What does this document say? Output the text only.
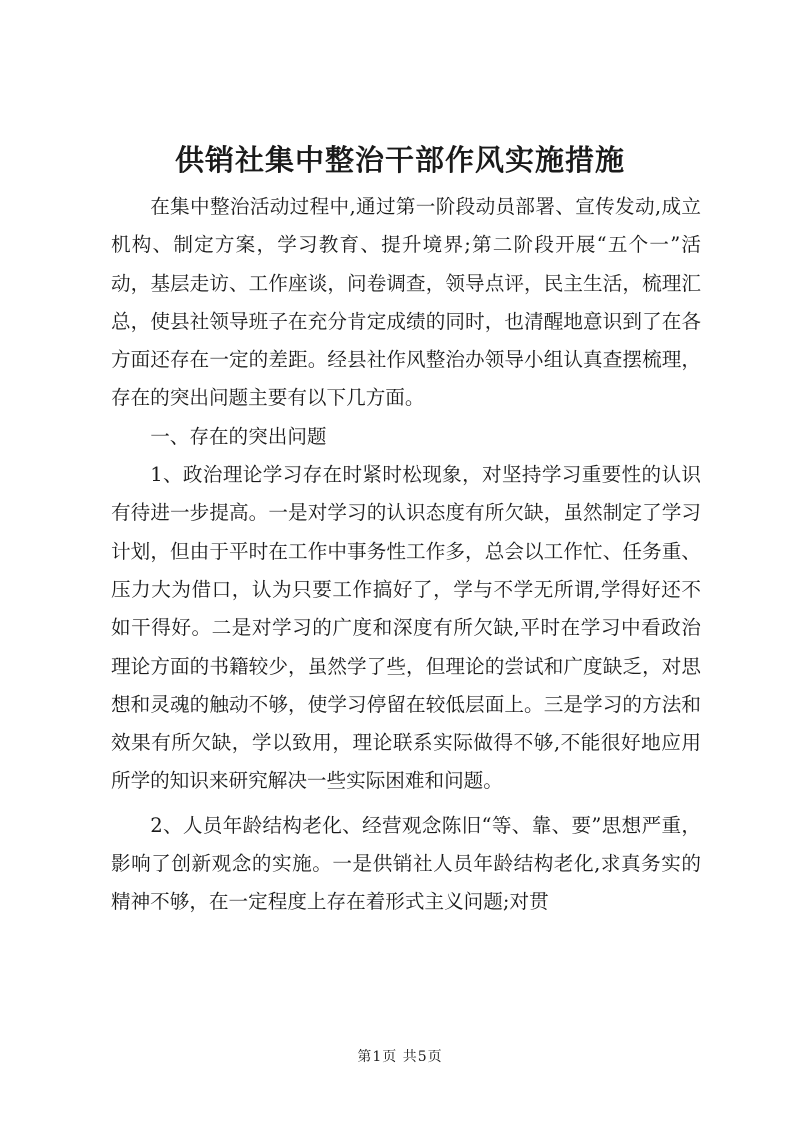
供销社集中整治干部作风实施措施

在集中整治活动过程中,通过第一阶段动员部署、宣传发动,成立机构、制定方案，学习教育、提升境界;第二阶段开展“五个一”活动，基层走访、工作座谈，问卷调查，领导点评，民主生活，梳理汇总，使县社领导班子在充分肯定成绩的同时，也清醒地意识到了在各方面还存在一定的差距。经县社作风整治办领导小组认真查摆梳理，存在的突出问题主要有以下几方面。

一、存在的突出问题

1、政治理论学习存在时紧时松现象，对坚持学习重要性的认识有待进一步提高。一是对学习的认识态度有所欠缺，虽然制定了学习计划，但由于平时在工作中事务性工作多，总会以工作忙、任务重、压力大为借口，认为只要工作搞好了，学与不学无所谓,学得好还不如干得好。二是对学习的广度和深度有所欠缺,平时在学习中看政治理论方面的书籍较少，虽然学了些，但理论的尝试和广度缺乏，对思想和灵魂的触动不够，使学习停留在较低层面上。三是学习的方法和效果有所欠缺，学以致用，理论联系实际做得不够,不能很好地应用所学的知识来研究解决一些实际困难和问题。

2、人员年龄结构老化、经营观念陈旧“等、靠、要”思想严重，影响了创新观念的实施。一是供销社人员年龄结构老化,求真务实的精神不够，在一定程度上存在着形式主义问题;对贯

第1页 共5页
